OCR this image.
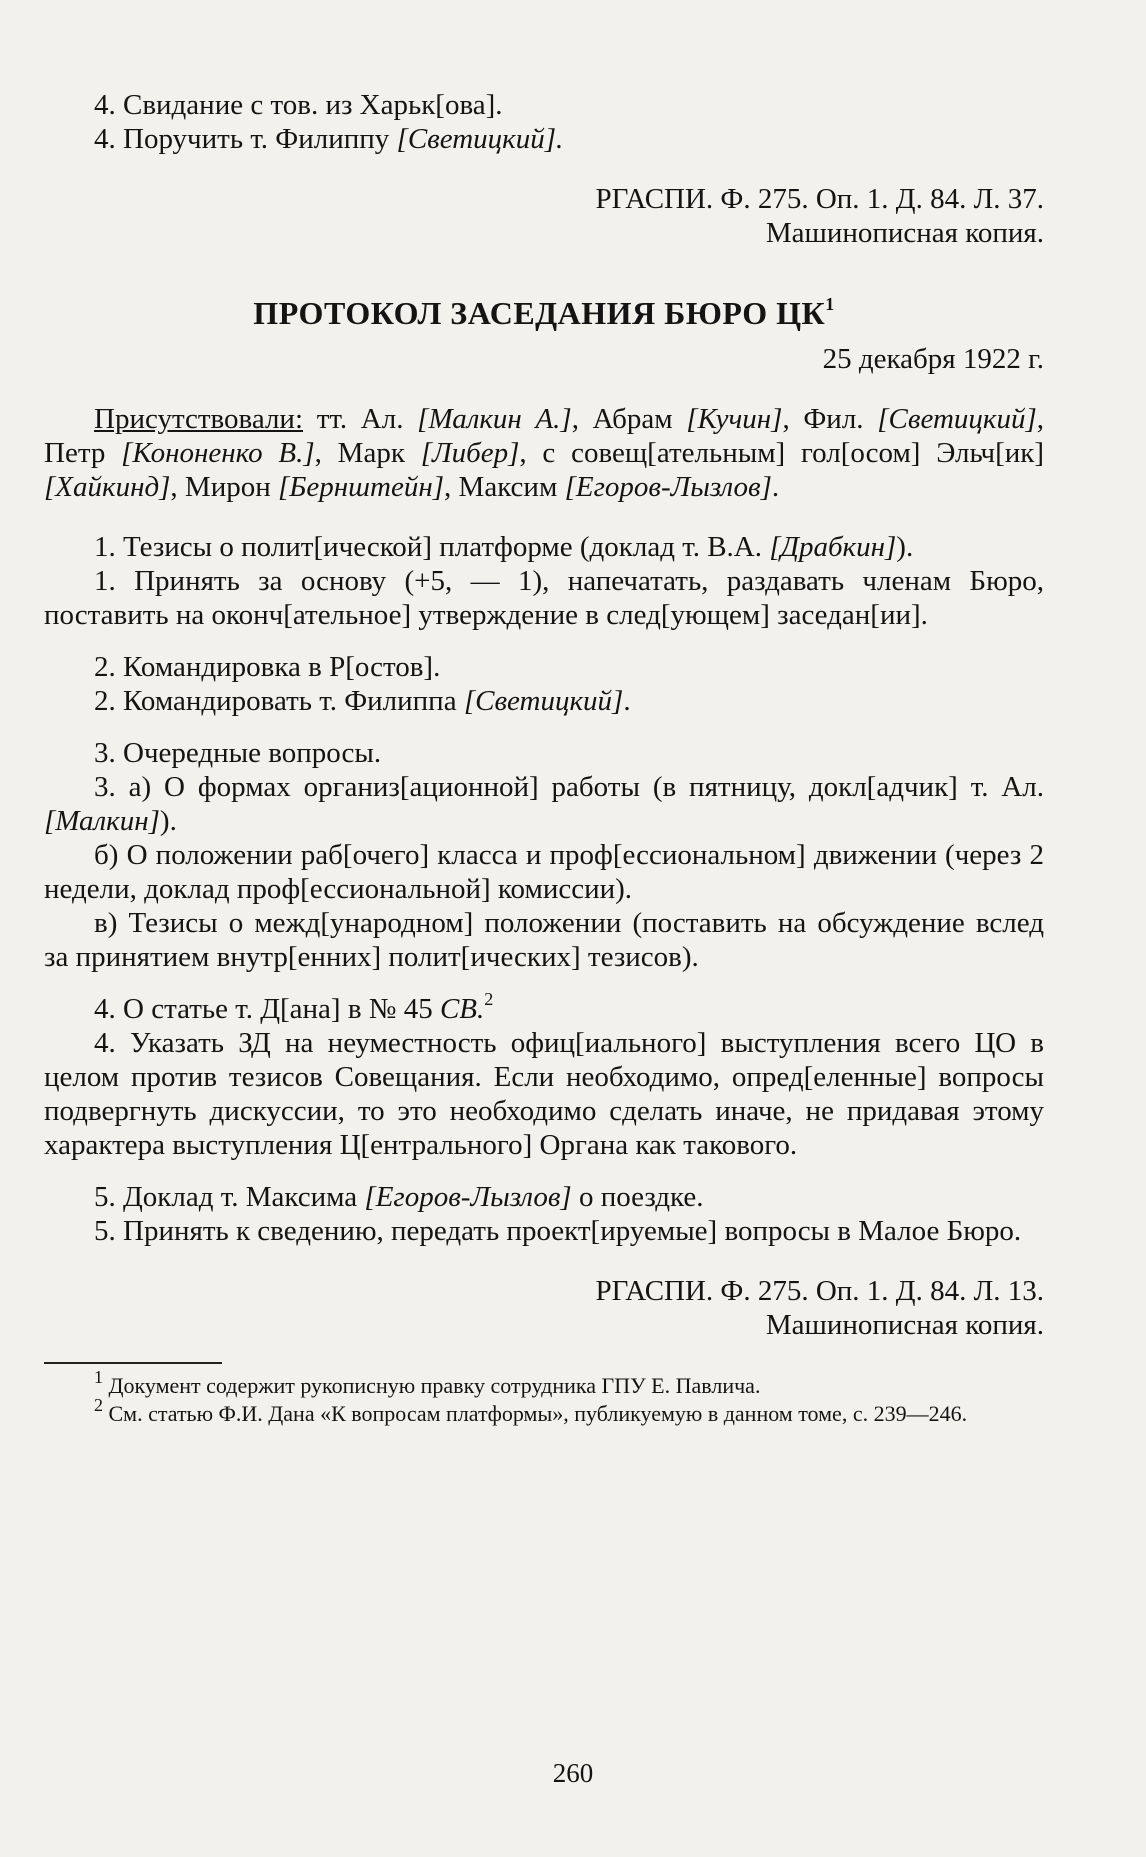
4. Свидание с тов. из Харьк[ова].

4. Поручить т. Филиппу [Светицкий].

РГАСПИ. Ф. 275. Оп. 1. Д. 84. Л. 37.

Машинописная копия.

ПРОТОКОЛ ЗАСЕДАНИЯ БЮРО $ЦК^1$

25 декабря 1922 г.

Присутствовали: тт. Ал. [Малкин А.], Абрам [Кучин], Фил. [Светицкий], Петр [Кононенко В.], Марк [Либер], с совещ[ательным] гол[осом] Эльч[ик] [Хайкинд], Мирон [Бернштейн], Максим [Егоров-Лызлов].

1. Тезисы о полит[ической] платформе (доклад т. В.А. [Драбкин]).

1. Принять за основу (+5, — 1), напечатать, раздавать членам Бюро, поставить на оконч[ательное] утверждение в след[ующем] заседан[ии].

2. Командировка в Р[остов].

2. Командировать т. Филиппа [Светицкий].

3. Очередные вопросы.

3. а) О формах организ[ационной] работы (в пятницу, докл[адчик] т. Ал. [Малкин]).

б) О положении раб[очего] класса и проф[ессиональном] движении (через 2 недели, доклад проф[ессиональной] комиссии).

в) Тезисы о межд[ународном] положении (поставить на обсуждение вслед за принятием внутр[енних] полит[ических] тезисов).

4. О статье т. Д[ана] в № 45 СВ.$^2$

4. Указать ЗД на неуместность офиц[иального] выступления всего ЦО в целом против тезисов Совещания. Если необходимо, опред[еленные] вопросы подвергнуть дискуссии, то это необходимо сделать иначе, не придавая этому характера выступления Ц[ентрального] Органа как такового.

5. Доклад т. Максима [Егоров-Лызлов] о поездке.

5. Принять к сведению, передать проект[ируемые] вопросы в Малое Бюро.

РГАСПИ. Ф. 275. Оп. 1. Д. 84. Л. 13.

Машинописная копия.

$^1$ Документ содержит рукописную правку сотрудника ГПУ Е. Павлича.

$^2$ См. статью Ф.И. Дана «К вопросам платформы», публикуемую в данном томе, с. 239—246.

260
